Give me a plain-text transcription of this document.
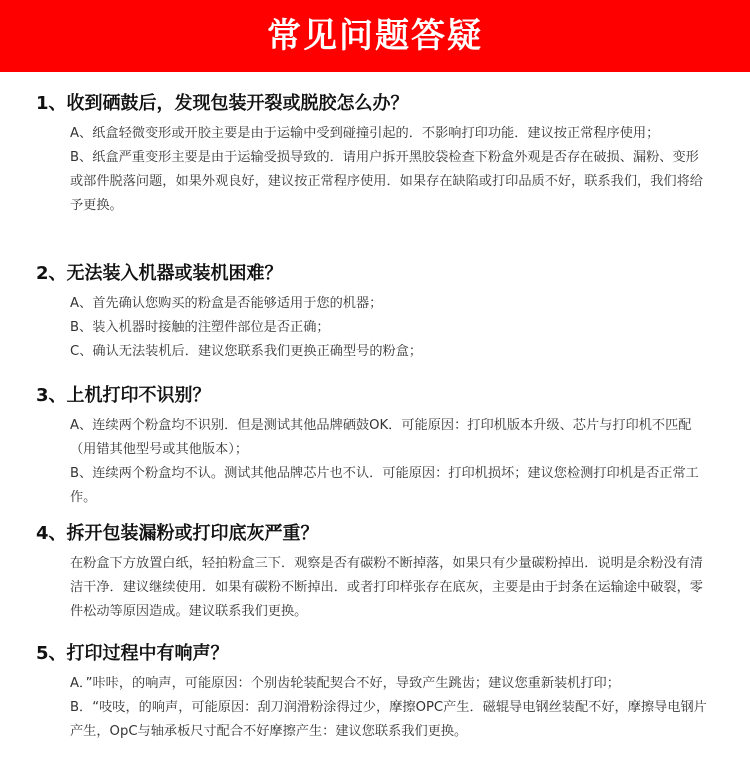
常见问题答疑
1、收到硒鼓后，发现包装开裂或脱胶怎么办？

A、纸盒轻微变形或开胶主要是由于运输中受到碰撞引起的．不影响打印功能．建议按正常程序使用；

B、纸盒严重变形主要是由于运输受损导致的．请用户拆开黑胶袋检查下粉盒外观是否存在破损、漏粉、变形或部件脱落问题，如果外观良好，建议按正常程序使用．如果存在缺陷或打印品质不好，联系我们，我们将给予更换。

2、无法装入机器或装机困难？

A、首先确认您购买的粉盒是否能够适用于您的机器；

B、装入机器时接触的注塑件部位是否正确；

C、确认无法装机后．建议您联系我们更换正确型号的粉盒；

3、上机打印不识别？

A、连续两个粉盒均不识别．但是测试其他品牌硒鼓OK．可能原因：打印机版本升级、芯片与打印机不匹配（用错其他型号或其他版本）；

B、连续两个粉盒均不认。测试其他品牌芯片也不认．可能原因：打印机损坏；建议您检测打印机是否正常工作。

4、拆开包装漏粉或打印底灰严重？

在粉盒下方放置白纸，轻拍粉盒三下．观察是否有碳粉不断掉落，如果只有少量碳粉掉出．说明是余粉没有清洁干净．建议继续使用．如果有碳粉不断掉出．或者打印样张存在底灰，主要是由于封条在运输途中破裂，零件松动等原因造成。建议联系我们更换。

5、打印过程中有响声？

A．”咔咔，的响声，可能原因：个别齿轮装配契合不好，导致产生跳齿；建议您重新装机打印；

B．“吱吱，的响声，可能原因：刮刀润滑粉涂得过少，摩擦OPC产生．磁辊导电钢丝装配不好，摩擦导电钢片产生，OpC与轴承板尺寸配合不好摩擦产生：建议您联系我们更换。
